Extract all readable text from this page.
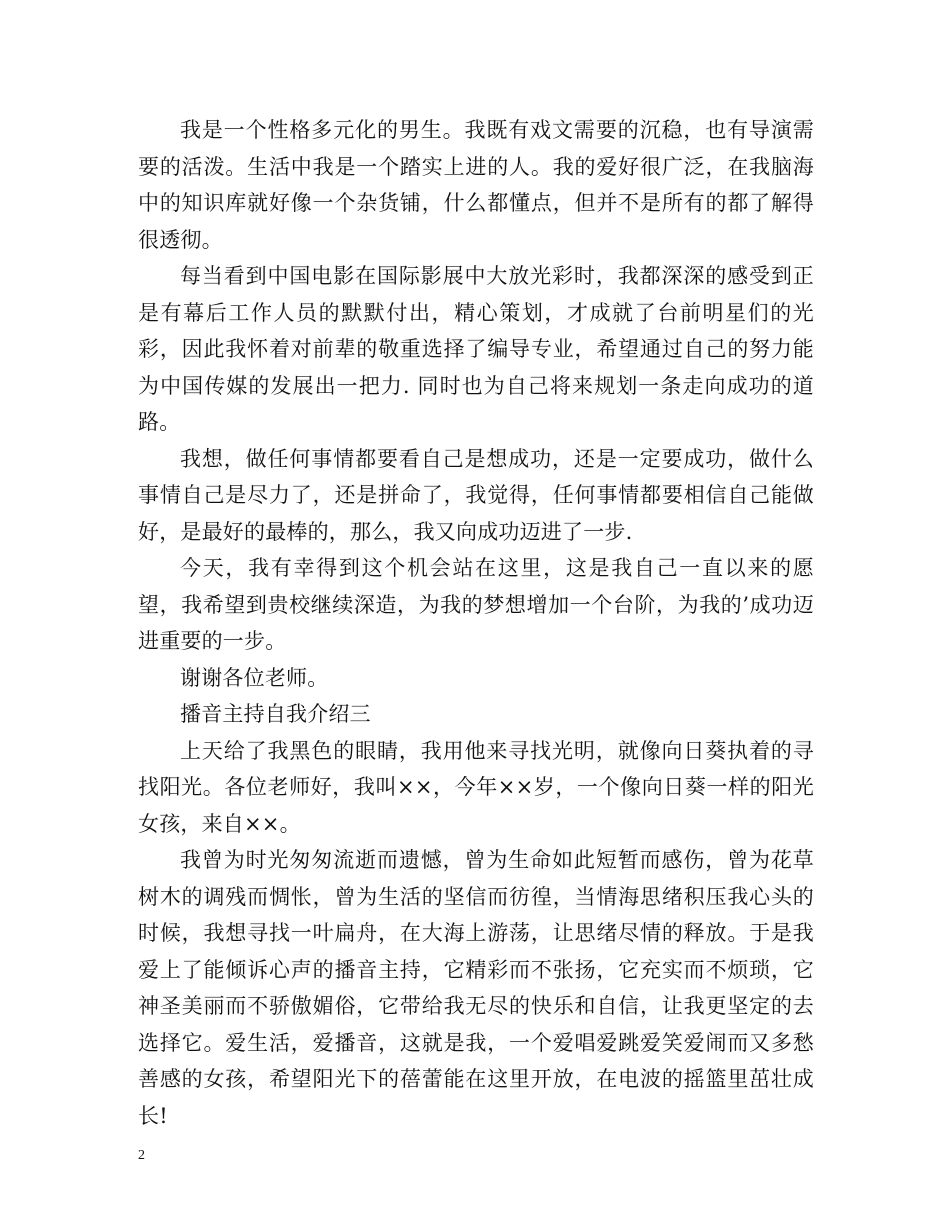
我是一个性格多元化的男生。我既有戏文需要的沉稳，也有导演需要的活泼。生活中我是一个踏实上进的人。我的爱好很广泛，在我脑海中的知识库就好像一个杂货铺，什么都懂点，但并不是所有的都了解得很透彻。

每当看到中国电影在国际影展中大放光彩时，我都深深的感受到正是有幕后工作人员的默默付出，精心策划，才成就了台前明星们的光彩，因此我怀着对前辈的敬重选择了编导专业，希望通过自己的努力能为中国传媒的发展出一把力. 同时也为自己将来规划一条走向成功的道路。

我想，做任何事情都要看自己是想成功，还是一定要成功，做什么事情自己是尽力了，还是拼命了，我觉得，任何事情都要相信自己能做好，是最好的最棒的，那么，我又向成功迈进了一步.

今天，我有幸得到这个机会站在这里，这是我自己一直以来的愿望，我希望到贵校继续深造，为我的梦想增加一个台阶，为我的’成功迈进重要的一步。

谢谢各位老师。

播音主持自我介绍三

上天给了我黑色的眼睛，我用他来寻找光明，就像向日葵执着的寻找阳光。各位老师好，我叫××，今年××岁，一个像向日葵一样的阳光女孩，来自××。

我曾为时光匆匆流逝而遗憾，曾为生命如此短暂而感伤，曾为花草树木的调残而惆怅，曾为生活的坚信而彷徨，当情海思绪积压我心头的时候，我想寻找一叶扁舟，在大海上游荡，让思绪尽情的释放。于是我爱上了能倾诉心声的播音主持，它精彩而不张扬，它充实而不烦琐，它神圣美丽而不骄傲媚俗，它带给我无尽的快乐和自信，让我更坚定的去选择它。爱生活，爱播音，这就是我，一个爱唱爱跳爱笑爱闹而又多愁善感的女孩，希望阳光下的蓓蕾能在这里开放，在电波的摇篮里茁壮成长!

2
